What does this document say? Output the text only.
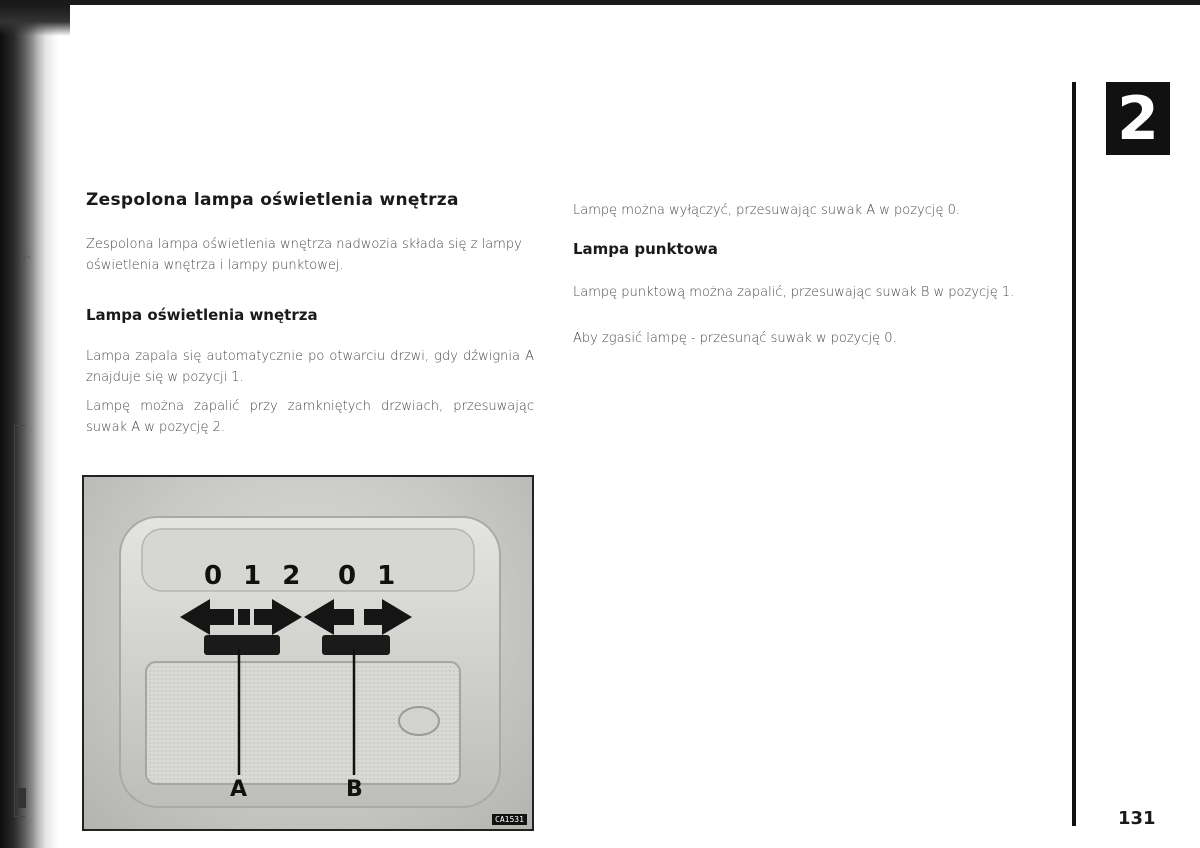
a-
Zespolona lampa oświetlenia wnętrza

Zespolona lampa oświetlenia wnętrza nadwozia składa się z lampy oświetlenia wnętrza i lampy punktowej.

Lampa oświetlenia wnętrza

Lampa zapala się automatycznie po otwarciu drzwi, gdy dźwignia A znajduje się w pozycji 1.

Lampę można zapalić przy zamkniętych drzwiach, przesuwając suwak A w pozycję 2.

Lampę można wyłączyć, przesuwając suwak A w pozycję 0.

Lampa punktowa

Lampę punktową można zapalić, przesuwając suwak B w pozycję 1.

Aby zgasić lampę - przesunąć suwak w pozycję 0.

2
131
0 1 2 0 1
A	B
CA1531
